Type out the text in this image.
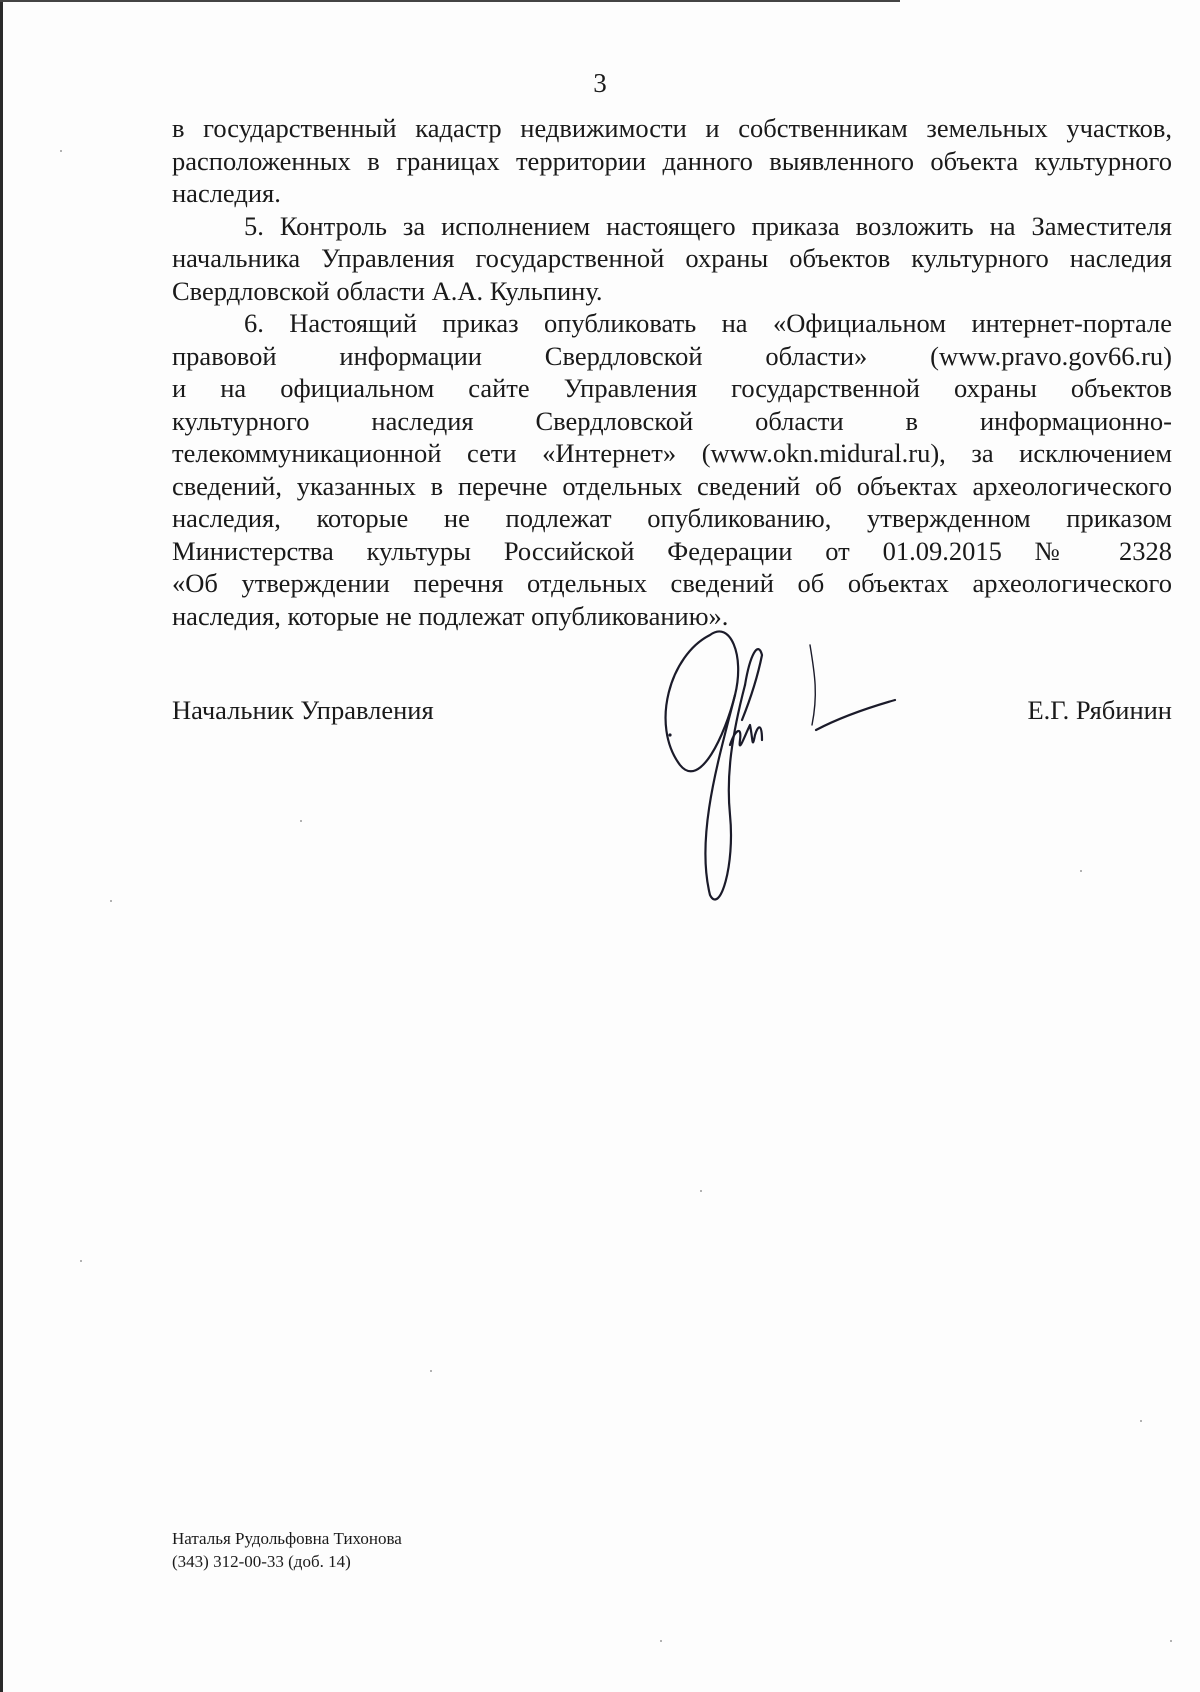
3

в государственный кадастр недвижимости и собственникам земельных участков,
расположенных в границах территории данного выявленного объекта культурного
наследия.

5. Контроль за исполнением настоящего приказа возложить на Заместителя
начальника Управления государственной охраны объектов культурного наследия
Свердловской области А.А. Кульпину.

6. Настоящий приказ опубликовать на «Официальном интернет-портале
правовой информации Свердловской области» (www.pravo.gov66.ru)
и на официальном сайте Управления государственной охраны объектов
культурного наследия Свердловской области в информационно-
телекоммуникационной сети «Интернет» (www.okn.midural.ru), за исключением
сведений, указанных в перечне отдельных сведений об объектах археологического
наследия, которые не подлежат опубликованию, утвержденном приказом
Министерства культуры Российской Федерации от 01.09.2015 № 2328
«Об утверждении перечня отдельных сведений об объектах археологического
наследия, которые не подлежат опубликованию».

Начальник Управления	Е.Г. Рябинин
Наталья Рудольфовна Тихонова
(343) 312-00-33 (доб. 14)
